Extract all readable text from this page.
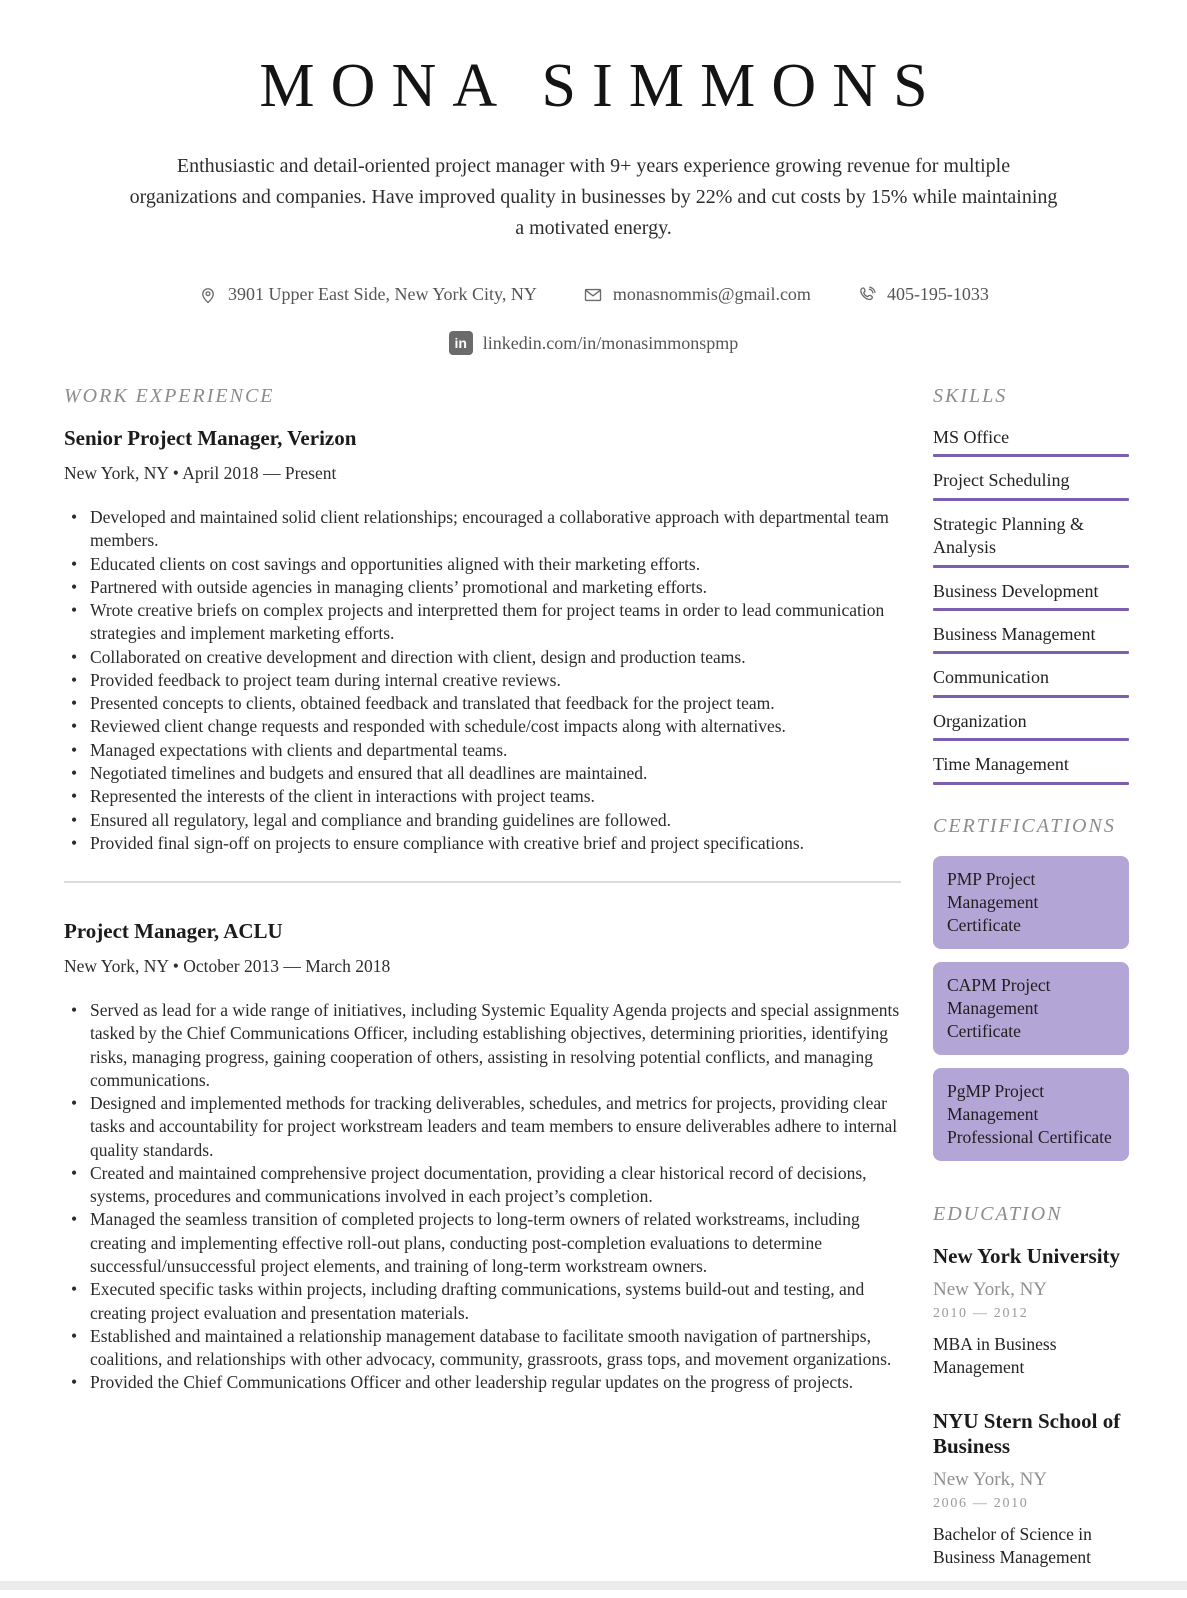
MONA SIMMONS

Enthusiastic and detail-oriented project manager with 9+ years experience growing revenue for multiple organizations and companies. Have improved quality in businesses by 22% and cut costs by 15% while maintaining a motivated energy.

3901 Upper East Side, New York City, NY	monasnommis@gmail.com	405-195-1033
in linkedin.com/in/monasimmonspmp
WORK EXPERIENCE
Senior Project Manager, Verizon
New York, NY • April 2018 — Present
• Developed and maintained solid client relationships; encouraged a collaborative approach with departmental team members.
• Educated clients on cost savings and opportunities aligned with their marketing efforts.
• Partnered with outside agencies in managing clients’ promotional and marketing efforts.
• Wrote creative briefs on complex projects and interpretted them for project teams in order to lead communication strategies and implement marketing efforts.
• Collaborated on creative development and direction with client, design and production teams.
• Provided feedback to project team during internal creative reviews.
• Presented concepts to clients, obtained feedback and translated that feedback for the project team.
• Reviewed client change requests and responded with schedule/cost impacts along with alternatives.
• Managed expectations with clients and departmental teams.
• Negotiated timelines and budgets and ensured that all deadlines are maintained.
• Represented the interests of the client in interactions with project teams.
• Ensured all regulatory, legal and compliance and branding guidelines are followed.
• Provided final sign-off on projects to ensure compliance with creative brief and project specifications.
Project Manager, ACLU
New York, NY • October 2013 — March 2018
• Served as lead for a wide range of initiatives, including Systemic Equality Agenda projects and special assignments tasked by the Chief Communications Officer, including establishing objectives, determining priorities, identifying risks, managing progress, gaining cooperation of others, assisting in resolving potential conflicts, and managing communications.
• Designed and implemented methods for tracking deliverables, schedules, and metrics for projects, providing clear tasks and accountability for project workstream leaders and team members to ensure deliverables adhere to internal quality standards.
• Created and maintained comprehensive project documentation, providing a clear historical record of decisions, systems, procedures and communications involved in each project’s completion.
• Managed the seamless transition of completed projects to long-term owners of related workstreams, including creating and implementing effective roll-out plans, conducting post-completion evaluations to determine successful/unsuccessful project elements, and training of long-term workstream owners.
• Executed specific tasks within projects, including drafting communications, systems build-out and testing, and creating project evaluation and presentation materials.
• Established and maintained a relationship management database to facilitate smooth navigation of partnerships, coalitions, and relationships with other advocacy, community, grassroots, grass tops, and movement organizations.
• Provided the Chief Communications Officer and other leadership regular updates on the progress of projects.
SKILLS
MS Office
Project Scheduling
Strategic Planning & Analysis
Business Development
Business Management
Communication
Organization
Time Management
CERTIFICATIONS
PMP Project Management Certificate
CAPM Project Management Certificate
PgMP Project Management Professional Certificate
EDUCATION
New York University
New York, NY
2010 — 2012
MBA in Business Management
NYU Stern School of Business
New York, NY
2006 — 2010
Bachelor of Science in Business Management
